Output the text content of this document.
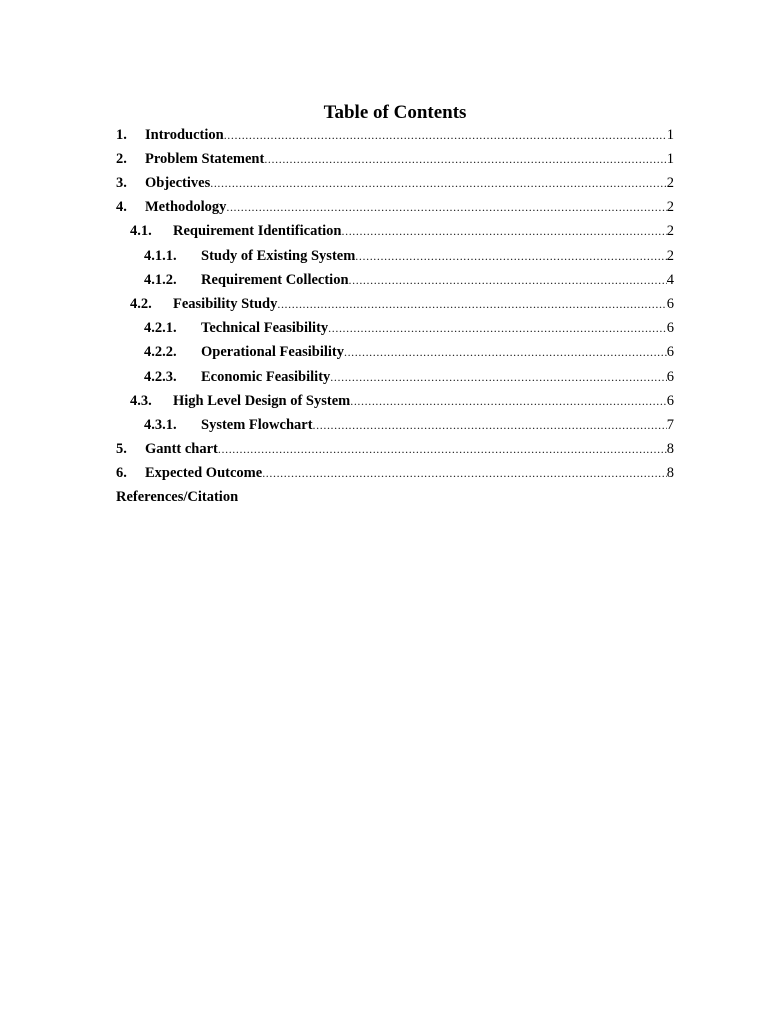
Table of Contents
1.	Introduction .....	1
2.	Problem Statement .....	1
3.	Objectives .....	2
4.	Methodology .....	2
4.1.	Requirement Identification .....	2
4.1.1.	Study of Existing System .....	2
4.1.2.	Requirement Collection .....	4
4.2.	Feasibility Study .....	6
4.2.1.	Technical Feasibility .....	6
4.2.2.	Operational Feasibility .....	6
4.2.3.	Economic Feasibility .....	6
4.3.	High Level Design of System .....	6
4.3.1.	System Flowchart .....	7
5.	Gantt chart .....	8
6.	Expected Outcome .....	8
References/Citation
